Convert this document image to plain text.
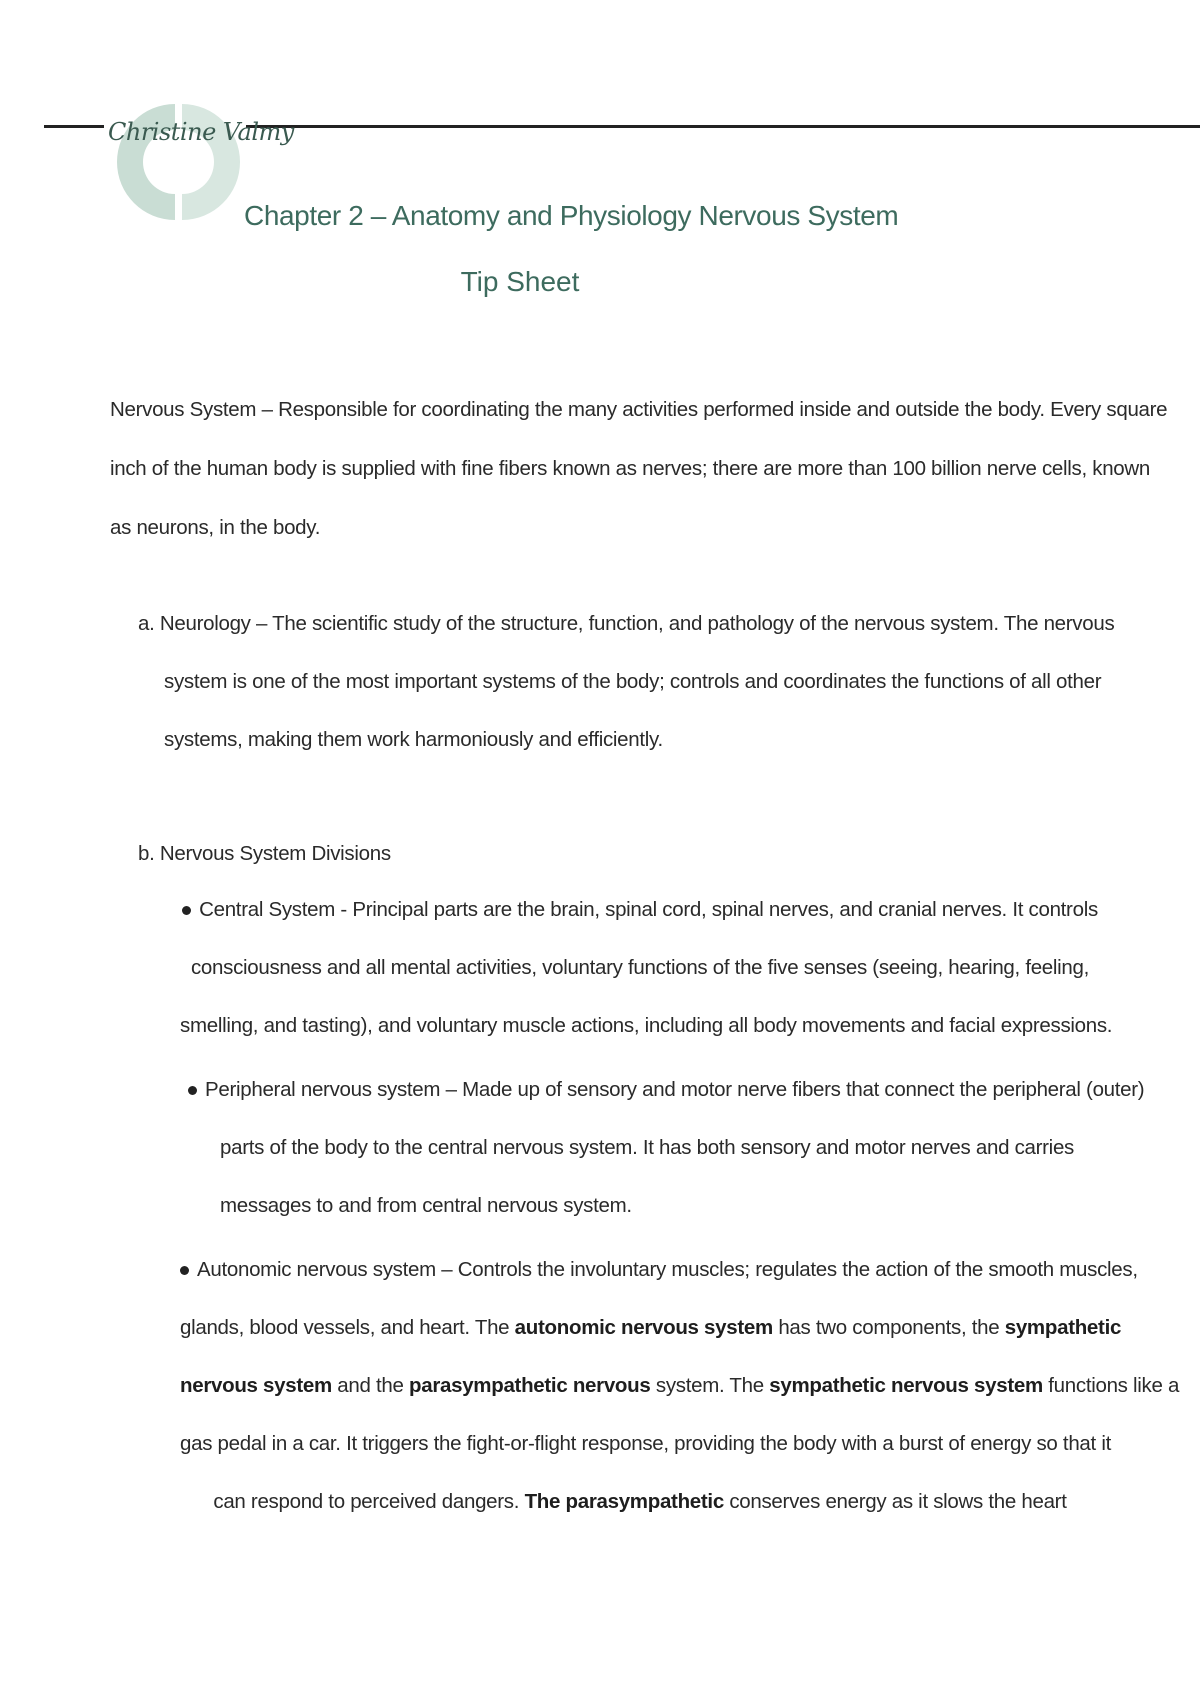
Christine Valmy
Chapter 2 – Anatomy and Physiology Nervous System
Tip Sheet
Nervous System – Responsible for coordinating the many activities performed inside and outside the body. Every square
inch of the human body is supplied with fine fibers known as nerves; there are more than 100 billion nerve cells, known
as neurons, in the body.
a. Neurology – The scientific study of the structure, function, and pathology of the nervous system. The nervous
system is one of the most important systems of the body; controls and coordinates the functions of all other
systems, making them work harmoniously and efficiently.
b. Nervous System Divisions
Central System - Principal parts are the brain, spinal cord, spinal nerves, and cranial nerves. It controls
consciousness and all mental activities, voluntary functions of the five senses (seeing, hearing, feeling,
smelling, and tasting), and voluntary muscle actions, including all body movements and facial expressions.
Peripheral nervous system – Made up of sensory and motor nerve fibers that connect the peripheral (outer)
parts of the body to the central nervous system. It has both sensory and motor nerves and carries
messages to and from central nervous system.
Autonomic nervous system – Controls the involuntary muscles; regulates the action of the smooth muscles,
glands, blood vessels, and heart. The autonomic nervous system has two components, the sympathetic
nervous system and the parasympathetic nervous system. The sympathetic nervous system functions like a
gas pedal in a car. It triggers the fight-or-flight response, providing the body with a burst of energy so that it
can respond to perceived dangers. The parasympathetic conserves energy as it slows the heart
